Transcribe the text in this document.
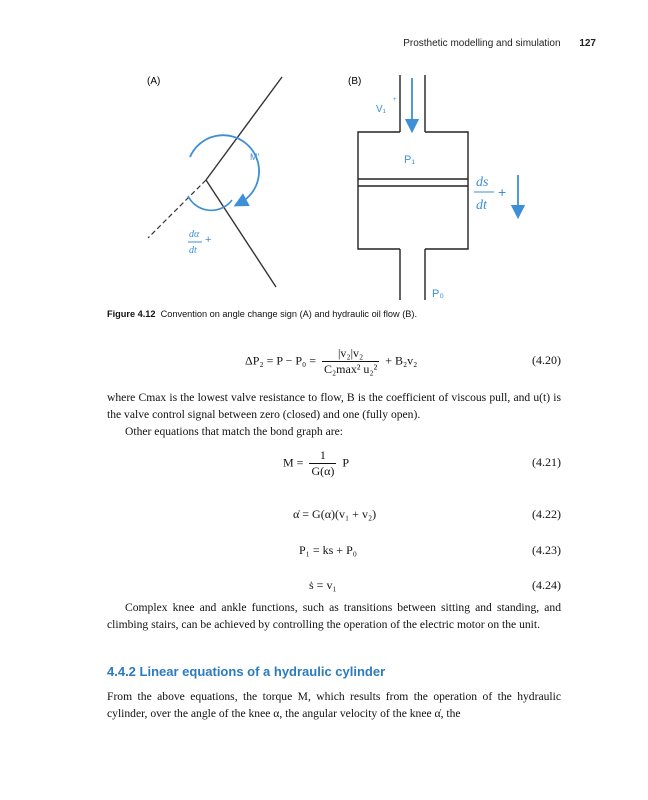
Prosthetic modelling and simulation 127
(A)
M'
dα
dt
+
(B)
V₁
+
P₁
P₀
ds
dt
+
Figure 4.12 Convention on angle change sign (A) and hydraulic oil flow (B).
$\Delta P_2 = P - P_0 = \frac{\text{|v₂|v₂}}{\text{C₂max² u₂²}} + B_2v_2$	(4.20)
where Cmax is the lowest valve resistance to flow, B is the coefficient of viscous pull, and u(t) is the valve control signal between zero (closed) and one (fully open).
Other equations that match the bond graph are:
$M = \frac{1}{G(\alpha)}$ P	(4.21)
α̇ = G(α)(v₁ + v₂)	(4.22)
P₁ = ks + P₀	(4.23)
ṡ = v₁	(4.24)
Complex knee and ankle functions, such as transitions between sitting and standing, and climbing stairs, can be achieved by controlling the operation of the electric motor on the unit.
4.4.2 Linear equations of a hydraulic cylinder
From the above equations, the torque M, which results from the operation of the hydraulic cylinder, over the angle of the knee α, the angular velocity of the knee α̇, the
